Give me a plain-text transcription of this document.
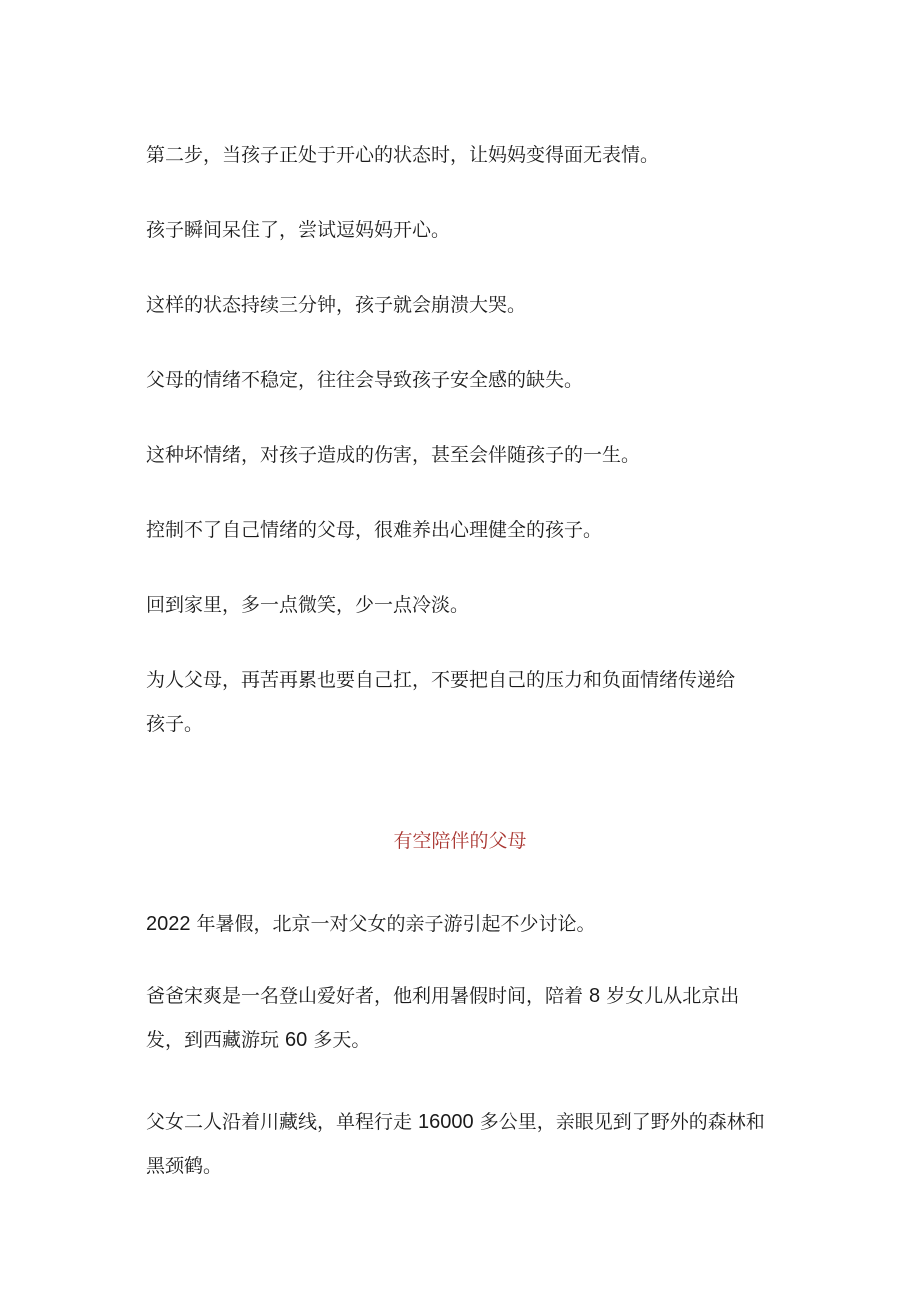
第二步，当孩子正处于开心的状态时，让妈妈变得面无表情。

孩子瞬间呆住了，尝试逗妈妈开心。

这样的状态持续三分钟，孩子就会崩溃大哭。

父母的情绪不稳定，往往会导致孩子安全感的缺失。

这种坏情绪，对孩子造成的伤害，甚至会伴随孩子的一生。

控制不了自己情绪的父母，很难养出心理健全的孩子。

回到家里，多一点微笑，少一点冷淡。

为人父母，再苦再累也要自己扛，不要把自己的压力和负面情绪传递给孩子。

有空陪伴的父母

2022 年暑假，北京一对父女的亲子游引起不少讨论。

爸爸宋爽是一名登山爱好者，他利用暑假时间，陪着 8 岁女儿从北京出发，到西藏游玩 60 多天。

父女二人沿着川藏线，单程行走 16000 多公里，亲眼见到了野外的森林和黑颈鹤。
